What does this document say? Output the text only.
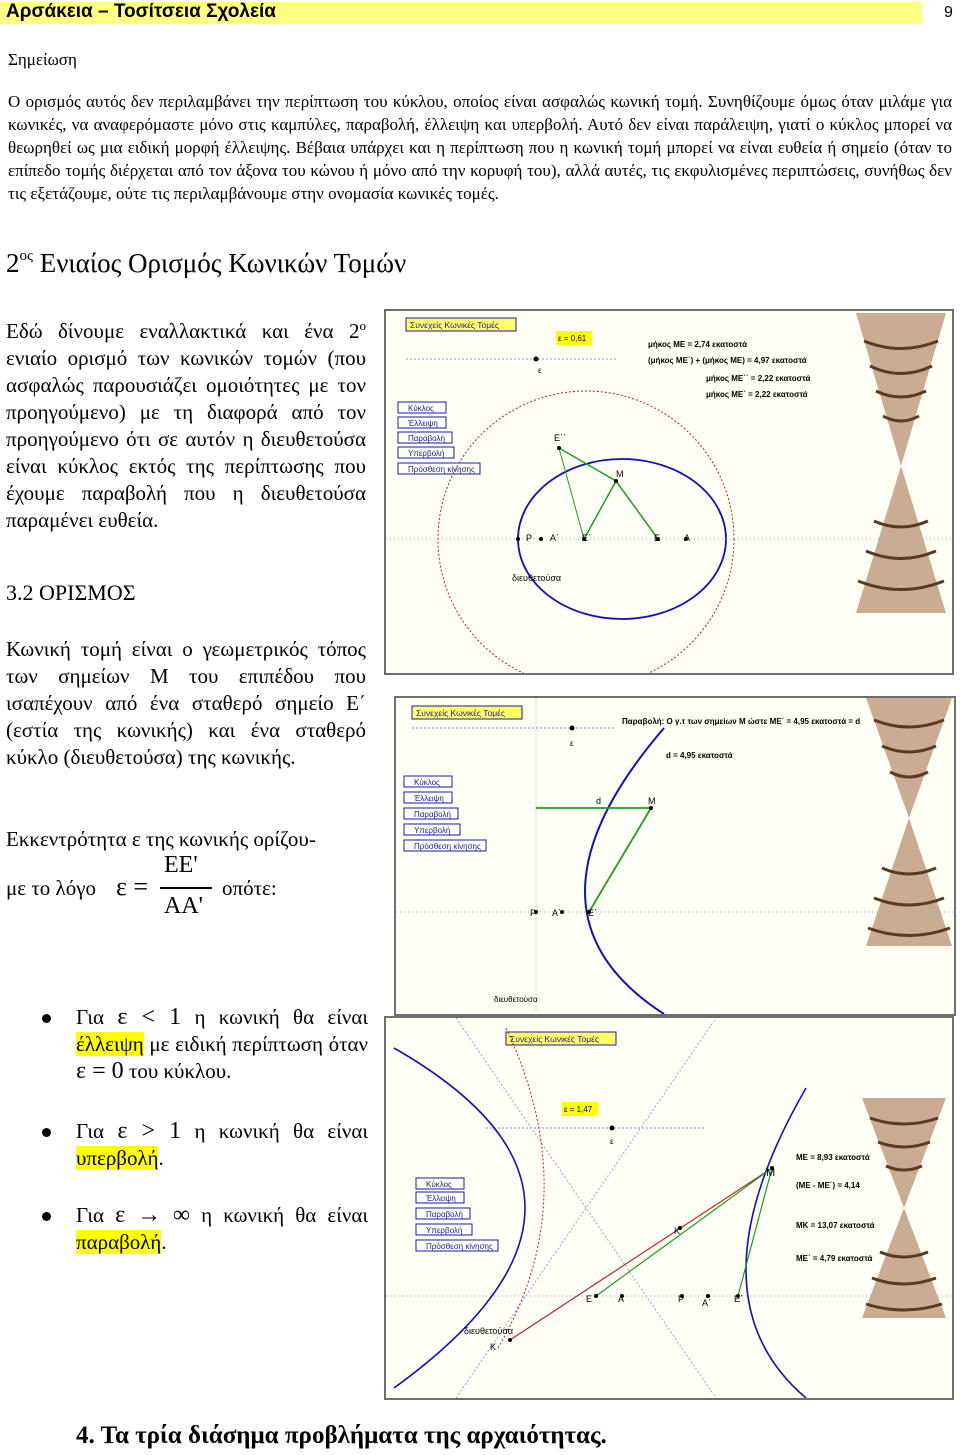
Αρσάκεια – Τοσίτσεια Σχολεία	9
Σημείωση
Ο ορισμός αυτός δεν περιλαμβάνει την περίπτωση του κύκλου, οποίος είναι ασφαλώς κωνική τομή. Συνηθίζουμε όμως όταν μιλάμε για κωνικές, να αναφερόμαστε μόνο στις καμπύλες, παραβολή, έλλειψη και υπερβολή. Αυτό δεν είναι παράλειψη, γιατί ο κύκλος μπορεί να θεωρηθεί ως μια ειδική μορφή έλλειψης. Βέβαια υπάρχει και η περίπτωση που η κωνική τομή μπορεί να είναι ευθεία ή σημείο (όταν το επίπεδο τομής διέρχεται από τον άξονα του κώνου ή μόνο από την κορυφή του), αλλά αυτές, τις εκφυλισμένες περιπτώσεις, συνήθως δεν τις εξετάζουμε, ούτε τις περιλαμβάνουμε στην ονομασία κωνικές τομές.
$2^{o\varsigma}$ Ενιαίος Ορισμός Κωνικών Τομών
Εδώ δίνουμε εναλλακτικά και ένα $2^o$ ενιαίο ορισμό των κωνικών τομών (που ασφαλώς παρουσιάζει ομοιότητες με τον προηγούμενο) με τη διαφορά από τον προηγούμενο ότι σε αυτόν η διευθετούσα είναι κύκλος εκτός της περίπτωσης που έχουμε παραβολή που η διευθετούσα παραμένει ευθεία.
3.2 ΟΡΙΣΜΟΣ
Κωνική τομή είναι ο γεωμετρικός τόπος των σημείων Μ του επιπέδου που ισαπέχουν από ένα σταθερό σημείο Ε΄ (εστία της κωνικής) και ένα σταθερό κύκλο (διευθετούσα) της κωνικής.
Εκκεντρότητα ε της κωνικής ορίζου-
με το λόγο ε =
ΕΕ'
ΑΑ'
οπότε:
Για ε < 1 η κωνική θα είναι έλλειψη με ειδική περίπτωση όταν ε = 0 του κύκλου.
Για ε > 1 η κωνική θα είναι υπερβολή.
Για ε → ∞ η κωνική θα είναι παραβολή.
Συνεχείς Κωνικές Τομές
Κύκλος
Έλλειψη
Παραβολή
Υπερβολή
Πρόσθεση κίνησης
ε = 0,61
ε
μήκος ΜΕ = 2,74 εκατοστά
(μήκος ΜΕ΄) + (μήκος ΜΕ) = 4,97 εκατοστά
μήκος ΜΕ΄΄ = 2,22 εκατοστά
μήκος ΜΕ΄ = 2,22 εκατοστά
Ε΄΄
Μ
Ρ Α΄	Ε΄	Ε	Α
διευθετούσα
Συνεχείς Κωνικές Τομές
Κύκλος
Έλλειψη
Παραβολή
Υπερβολή
Πρόσθεση κίνησης
ε
Παραβολή: Ο γ.τ των σημείων Μ ώστε ΜΕ΄ = 4,95 εκατοστά = d
d = 4,95 εκατοστά
d	Μ
Ρ Α΄	Ε΄
διευθετούσα
Συνεχείς Κωνικές Τομές
ε = 1,47
ε
Κύκλος
Έλλειψη
Παραβολή
Υπερβολή
Πρόσθεση κίνησης
ΜΕ = 8,93 εκατοστά
(ΜΕ - ΜΕ΄) = 4,14
ΜΚ = 13,07 εκατοστά
ΜΕ΄ = 4,79 εκατοστά
Μ
Κ΄
Ε	Α	Ρ Α΄	Ε΄
Κ
διευθετούσα
4. Τα τρία διάσημα προβλήματα της αρχαιότητας.
